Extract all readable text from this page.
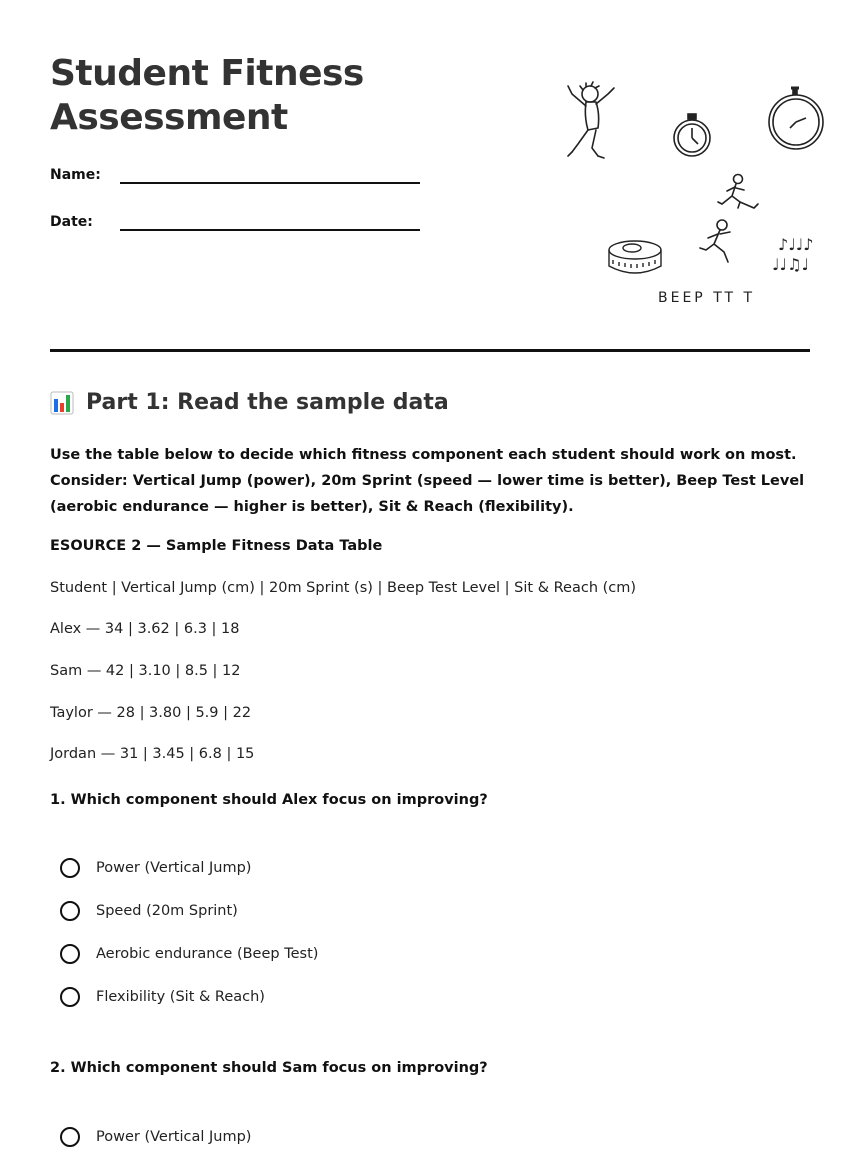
Student Fitness Assessment
Name:
Date:
♪♩♩♪
♩♩♫♩
BEEP TT T
Part 1: Read the sample data
Use the table below to decide which fitness component each student should work on most. Consider: Vertical Jump (power), 20m Sprint (speed — lower time is better), Beep Test Level (aerobic endurance — higher is better), Sit & Reach (flexibility).
ESOURCE 2 — Sample Fitness Data Table
Student | Vertical Jump (cm) | 20m Sprint (s) | Beep Test Level | Sit & Reach (cm)
Alex — 34 | 3.62 | 6.3 | 18
Sam — 42 | 3.10 | 8.5 | 12
Taylor — 28 | 3.80 | 5.9 | 22
Jordan — 31 | 3.45 | 6.8 | 15
1. Which component should Alex focus on improving?
Power (Vertical Jump)
Speed (20m Sprint)
Aerobic endurance (Beep Test)
Flexibility (Sit & Reach)
2. Which component should Sam focus on improving?
Power (Vertical Jump)
